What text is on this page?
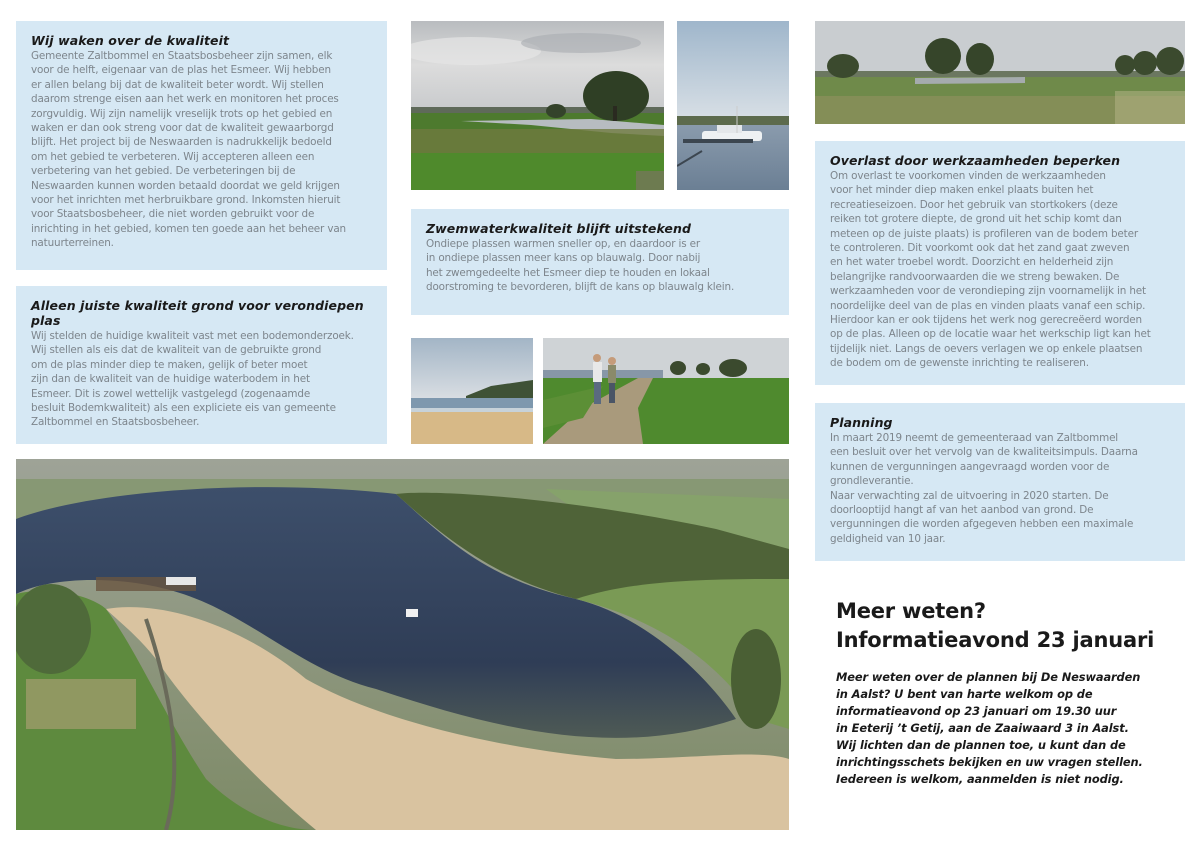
Wij waken over de kwaliteit

Gemeente Zaltbommel en Staatsbosbeheer zijn samen, elk
voor de helft, eigenaar van de plas het Esmeer. Wij hebben
er allen belang bij dat de kwaliteit beter wordt. Wij stellen
daarom strenge eisen aan het werk en monitoren het proces
zorgvuldig. Wij zijn namelijk vreselijk trots op het gebied en
waken er dan ook streng voor dat de kwaliteit gewaarborgd
blijft. Het project bij de Neswaarden is nadrukkelijk bedoeld
om het gebied te verbeteren. Wij accepteren alleen een
verbetering van het gebied. De verbeteringen bij de
Neswaarden kunnen worden betaald doordat we geld krijgen
voor het inrichten met herbruikbare grond. Inkomsten hieruit
voor Staatsbosbeheer, die niet worden gebruikt voor de
inrichting in het gebied, komen ten goede aan het beheer van
natuurterreinen.

Alleen juiste kwaliteit grond voor verondiepen plas

Wij stelden de huidige kwaliteit vast met een bodemonderzoek.
Wij stellen als eis dat de kwaliteit van de gebruikte grond
om de plas minder diep te maken, gelijk of beter moet
zijn dan de kwaliteit van de huidige waterbodem in het
Esmeer. Dit is zowel wettelijk vastgelegd (zogenaamde
besluit Bodemkwaliteit) als een expliciete eis van gemeente
Zaltbommel en Staatsbosbeheer.

Zwemwaterkwaliteit blijft uitstekend

Ondiepe plassen warmen sneller op, en daardoor is er
in ondiepe plassen meer kans op blauwalg. Door nabij
het zwemgedeelte het Esmeer diep te houden en lokaal
doorstroming te bevorderen, blijft de kans op blauwalg klein.

Overlast door werkzaamheden beperken

Om overlast te voorkomen vinden de werkzaamheden
voor het minder diep maken enkel plaats buiten het
recreatieseizoen. Door het gebruik van stortkokers (deze
reiken tot grotere diepte, de grond uit het schip komt dan
meteen op de juiste plaats) is profileren van de bodem beter
te controleren. Dit voorkomt ook dat het zand gaat zweven
en het water troebel wordt. Doorzicht en helderheid zijn
belangrijke randvoorwaarden die we streng bewaken. De
werkzaamheden voor de verondieping zijn voornamelijk in het
noordelijke deel van de plas en vinden plaats vanaf een schip.
Hierdoor kan er ook tijdens het werk nog gerecreëerd worden
op de plas. Alleen op de locatie waar het werkschip ligt kan het
tijdelijk niet. Langs de oevers verlagen we op enkele plaatsen
de bodem om de gewenste inrichting te realiseren.

Planning

In maart 2019 neemt de gemeenteraad van Zaltbommel
een besluit over het vervolg van de kwaliteitsimpuls. Daarna
kunnen de vergunningen aangevraagd worden voor de
grondleverantie.
Naar verwachting zal de uitvoering in 2020 starten. De
doorlooptijd hangt af van het aanbod van grond. De
vergunningen die worden afgegeven hebben een maximale
geldigheid van 10 jaar.

Meer weten?
Informatieavond 23 januari

Meer weten over de plannen bij De Neswaarden
in Aalst? U bent van harte welkom op de
informatieavond op 23 januari om 19.30 uur
in Eeterij ’t Getij, aan de Zaaiwaard 3 in Aalst.
Wij lichten dan de plannen toe, u kunt dan de
inrichtingsschets bekijken en uw vragen stellen.
Iedereen is welkom, aanmelden is niet nodig.
